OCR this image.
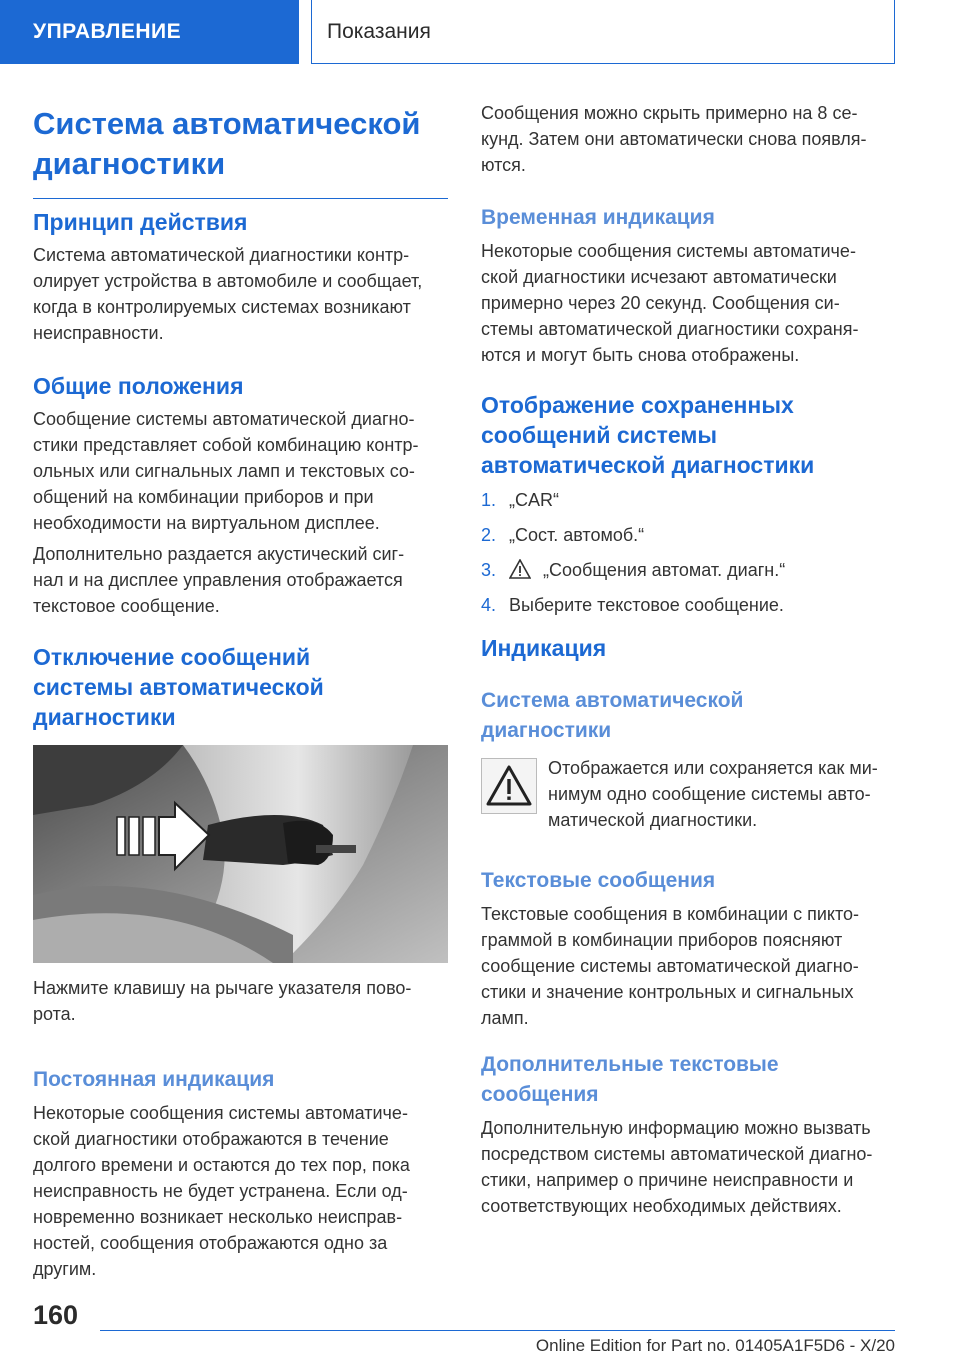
УПРАВЛЕНИЕ	Показания
Система автоматической
диагностики
Принцип действия

Система автоматической диагностики контр-

олирует устройства в автомобиле и сообщает,

когда в контролируемых системах возникают

неисправности.

Общие положения

Сообщение системы автоматической диагно-

стики представляет собой комбинацию контр-

ольных или сигнальных ламп и текстовых со-

общений на комбинации приборов и при

необходимости на виртуальном дисплее.

Дополнительно раздается акустический сиг-

нал и на дисплее управления отображается

текстовое сообщение.

Отключение сообщений
системы автоматической
диагностики

Нажмите клавишу на рычаге указателя пово-

рота.

Постоянная индикация

Некоторые сообщения системы автоматиче-

ской диагностики отображаются в течение

долгого времени и остаются до тех пор, пока

неисправность не будет устранена. Если од-

новременно возникает несколько неисправ-

ностей, сообщения отображаются одно за

другим.

Сообщения можно скрыть примерно на 8 се-

кунд. Затем они автоматически снова появля-

ются.

Временная индикация

Некоторые сообщения системы автоматиче-

ской диагностики исчезают автоматически

примерно через 20 секунд. Сообщения си-

стемы автоматической диагностики сохраня-

ются и могут быть снова отображены.

Отображение сохраненных
сообщений системы
автоматической диагностики
1. „CAR“
2. „Сост. автомоб.“
3.	„Сообщения автомат. диагн.“
4. Выберите текстовое сообщение.
Индикация
Система автоматической
диагностики

Отображается или сохраняется как ми-

нимум одно сообщение системы авто-

матической диагностики.

Текстовые сообщения

Текстовые сообщения в комбинации с пикто-

граммой в комбинации приборов поясняют

сообщение системы автоматической диагно-

стики и значение контрольных и сигнальных

ламп.

Дополнительные текстовые
сообщения

Дополнительную информацию можно вызвать

посредством системы автоматической диагно-

стики, например о причине неисправности и

соответствующих необходимых действиях.

160
Online Edition for Part no. 01405A1F5D6 - X/20
